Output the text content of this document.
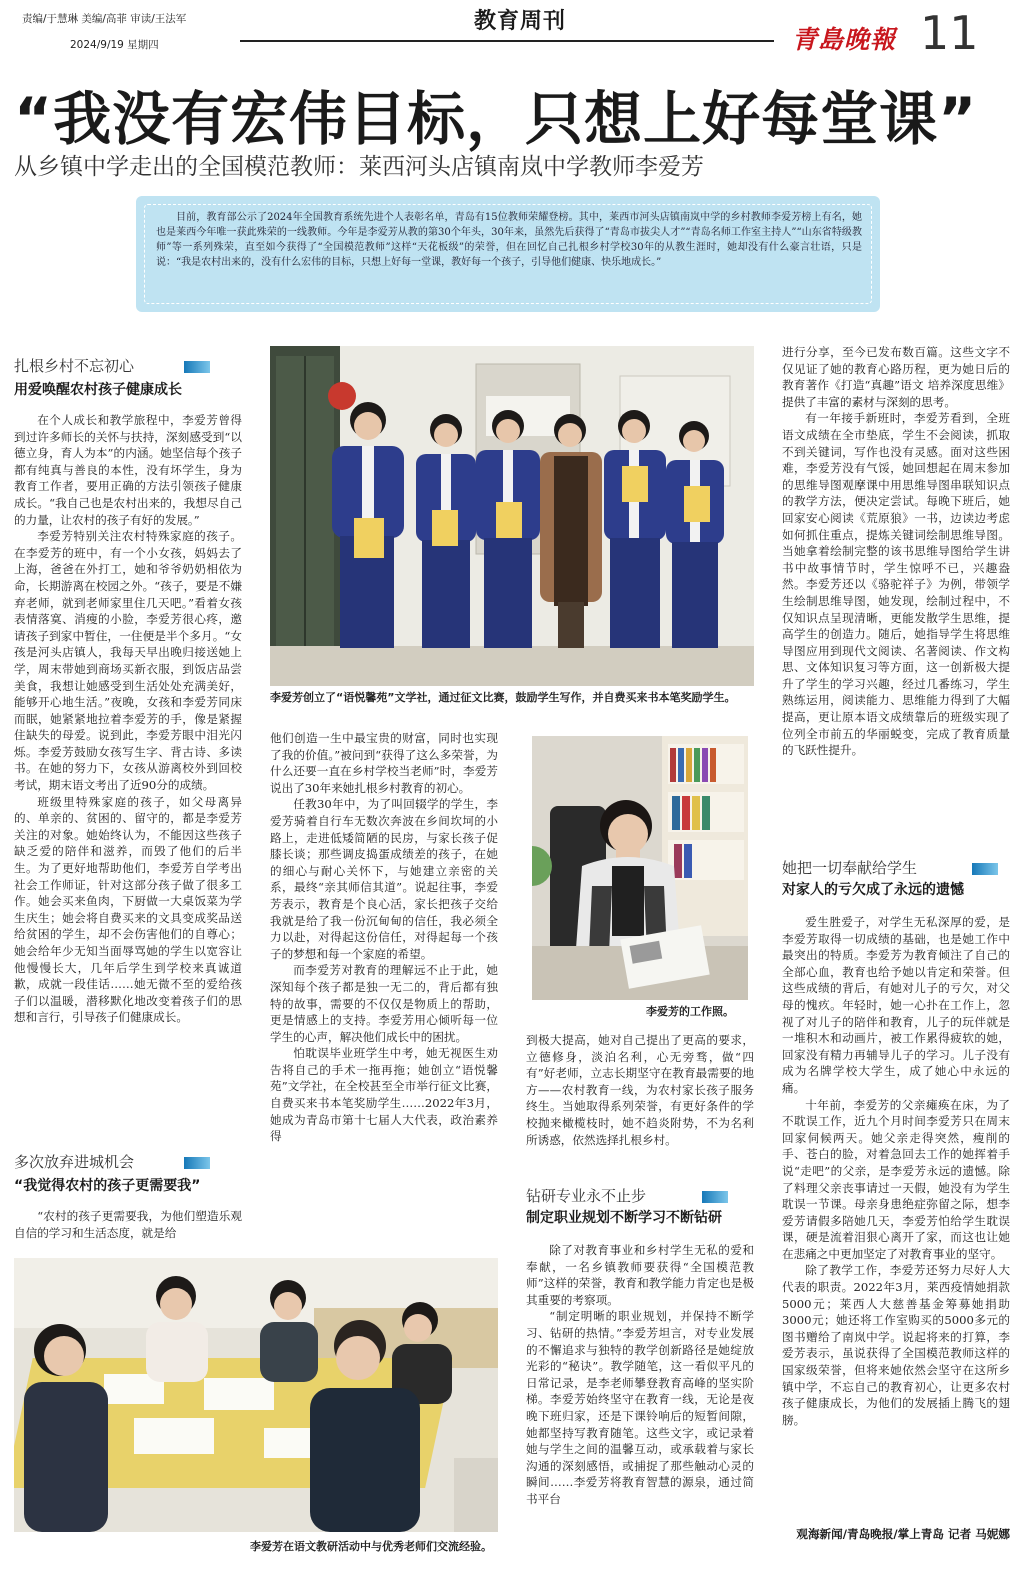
责编/于慧琳 美编/高菲 审读/王法军
2024/9/19 星期四
教育周刊
青島晚報 11
“我没有宏伟目标，只想上好每堂课”
从乡镇中学走出的全国模范教师：莱西河头店镇南岚中学教师李爱芳
目前，教育部公示了2024年全国教育系统先进个人表彰名单，青岛有15位教师荣耀登榜。其中，莱西市河头店镇南岚中学的乡村教师李爱芳榜上有名，她也是莱西今年唯一获此殊荣的一线教师。今年是李爱芳从教的第30个年头，30年来，虽然先后获得了“青岛市拔尖人才”“青岛名师工作室主持人”“山东省特级教师”等一系列殊荣，直至如今获得了“全国模范教师”这样“天花板级”的荣誉，但在回忆自己扎根乡村学校30年的从教生涯时，她却没有什么豪言壮语，只是说：“我是农村出来的，没有什么宏伟的目标，只想上好每一堂课，教好每一个孩子，引导他们健康、快乐地成长。”
扎根乡村不忘初心
用爱唤醒农村孩子健康成长

在个人成长和教学旅程中，李爱芳曾得到过许多师长的关怀与扶持，深刻感受到“以德立身，育人为本”的内涵。她坚信每个孩子都有纯真与善良的本性，没有坏学生，身为教育工作者，要用正确的方法引领孩子健康成长。“我自己也是农村出来的，我想尽自己的力量，让农村的孩子有好的发展。”

李爱芳特别关注农村特殊家庭的孩子。在李爱芳的班中，有一个小女孩，妈妈去了上海，爸爸在外打工，她和爷爷奶奶相依为命，长期游离在校园之外。“孩子，要是不嫌弃老师，就到老师家里住几天吧。”看着女孩表情落寞、消瘦的小脸，李爱芳很心疼，邀请孩子到家中暂住，一住便是半个多月。“女孩是河头店镇人，我每天早出晚归接送她上学，周末带她到商场买新衣服，到饭店品尝美食，我想让她感受到生活处处充满美好，能够开心地生活。”夜晚，女孩和李爱芳同床而眠，她紧紧地拉着李爱芳的手，像是紧握住缺失的母爱。说到此，李爱芳眼中泪光闪烁。李爱芳鼓励女孩写生字、背古诗、多读书。在她的努力下，女孩从游离校外到回校考试，期末语文考出了近90分的成绩。

班级里特殊家庭的孩子，如父母离异的、单亲的、贫困的、留守的，都是李爱芳关注的对象。她始终认为，不能因这些孩子缺乏爱的陪伴和滋养，而毁了他们的后半生。为了更好地帮助他们，李爱芳自学考出社会工作师证，针对这部分孩子做了很多工作。她会买来鱼肉，下厨做一大桌饭菜为学生庆生；她会将自费买来的文具变成奖品送给贫困的学生，却不会伤害他们的自尊心；她会给年少无知当面辱骂她的学生以宽容让他慢慢长大，几年后学生到学校来真诚道歉，成就一段佳话……她无微不至的爱给孩子们以温暖，潜移默化地改变着孩子们的思想和言行，引导孩子们健康成长。

多次放弃进城机会
“我觉得农村的孩子更需要我”

“农村的孩子更需要我，为他们塑造乐观自信的学习和生活态度，就是给

李爱芳创立了“语悦馨苑”文学社，通过征文比赛，鼓励学生写作，并自费买来书本笔奖励学生。

他们创造一生中最宝贵的财富，同时也实现了我的价值。”被问到“获得了这么多荣誉，为什么还要一直在乡村学校当老师”时，李爱芳说出了30年来她扎根乡村教育的初心。

任教30年中，为了叫回辍学的学生，李爱芳骑着自行车无数次奔波在乡间坎坷的小路上，走进低矮简陋的民房，与家长孩子促膝长谈；那些调皮捣蛋成绩差的孩子，在她的细心与耐心关怀下，与她建立亲密的关系，最终“亲其师信其道”。说起往事，李爱芳表示，教育是个良心活，家长把孩子交给我就是给了我一份沉甸甸的信任，我必须全力以赴，对得起这份信任，对得起每一个孩子的梦想和每一个家庭的希望。

而李爱芳对教育的理解远不止于此，她深知每个孩子都是独一无二的，背后都有独特的故事，需要的不仅仅是物质上的帮助，更是情感上的支持。李爱芳用心倾听每一位学生的心声，解决他们成长中的困扰。

怕耽误毕业班学生中考，她无视医生劝告将自己的手术一拖再拖；她创立“语悦馨苑”文学社，在全校甚至全市举行征文比赛，自费买来书本笔奖励学生……2022年3月，她成为青岛市第十七届人大代表，政治素养得

李爱芳的工作照。

到极大提高，她对自己提出了更高的要求，立德修身，淡泊名利，心无旁骛，做“四有”好老师，立志长期坚守在教育最需要的地方——农村教育一线，为农村家长孩子服务终生。当她取得系列荣誉，有更好条件的学校抛来橄榄枝时，她不趋炎附势，不为名利所诱惑，依然选择扎根乡村。

钻研专业永不止步
制定职业规划不断学习不断钻研

除了对教育事业和乡村学生无私的爱和奉献，一名乡镇教师要获得“全国模范教师”这样的荣誉，教育和教学能力肯定也是极其重要的考察项。

“制定明晰的职业规划，并保持不断学习、钻研的热情。”李爱芳坦言，对专业发展的不懈追求与独特的教学创新路径是她绽放光彩的“秘诀”。教学随笔，这一看似平凡的日常记录，是李老师攀登教育高峰的坚实阶梯。李爱芳始终坚守在教育一线，无论是夜晚下班归家，还是下课铃响后的短暂间隙，她都坚持写教育随笔。这些文字，或记录着她与学生之间的温馨互动，或承载着与家长沟通的深刻感悟，或捕捉了那些触动心灵的瞬间……李爱芳将教育智慧的源泉，通过简书平台

李爱芳在语文教研活动中与优秀老师们交流经验。

进行分享，至今已发布数百篇。这些文字不仅见证了她的教育心路历程，更为她日后的教育著作《打造“真趣”语文 培养深度思维》提供了丰富的素材与深刻的思考。

有一年接手新班时，李爱芳看到，全班语文成绩在全市垫底，学生不会阅读，抓取不到关键词，写作也没有灵感。面对这些困难，李爱芳没有气馁，她回想起在周末参加的思维导图观摩课中用思维导图串联知识点的教学方法，便决定尝试。每晚下班后，她回家安心阅读《荒原狼》一书，边读边考虑如何抓住重点，提炼关键词绘制思维导图。当她拿着绘制完整的该书思维导图给学生讲书中故事情节时，学生惊呼不已，兴趣盎然。李爱芳还以《骆驼祥子》为例，带领学生绘制思维导图，她发现，绘制过程中，不仅知识点呈现清晰，更能发散学生思维，提高学生的创造力。随后，她指导学生将思维导图应用到现代文阅读、名著阅读、作文构思、文体知识复习等方面，这一创新极大提升了学生的学习兴趣，经过几番练习，学生熟练运用，阅读能力、思维能力得到了大幅提高，更让原本语文成绩靠后的班级实现了位列全市前五的华丽蜕变，完成了教育质量的飞跃性提升。

她把一切奉献给学生
对家人的亏欠成了永远的遗憾

爱生胜爱子，对学生无私深厚的爱，是李爱芳取得一切成绩的基础，也是她工作中最突出的特质。李爱芳为教育倾注了自己的全部心血，教育也给予她以肯定和荣誉。但这些成绩的背后，有她对儿子的亏欠，对父母的愧疚。年轻时，她一心扑在工作上，忽视了对儿子的陪伴和教育，儿子的玩伴就是一堆积木和动画片，被工作累得疲软的她，回家没有精力再辅导儿子的学习。儿子没有成为名牌学校大学生，成了她心中永远的痛。

十年前，李爱芳的父亲瘫痪在床，为了不耽误工作，近九个月时间李爱芳只在周末回家伺候两天。她父亲走得突然，瘦削的手、苍白的脸，对着急回去工作的她挥着手说“走吧”的父亲，是李爱芳永远的遗憾。除了料理父亲丧事请过一天假，她没有为学生耽误一节课。母亲身患绝症弥留之际，想李爱芳请假多陪她几天，李爱芳怕给学生耽误课，硬是流着泪狠心离开了家，而这也让她在悲痛之中更加坚定了对教育事业的坚守。

除了教学工作，李爱芳还努力尽好人大代表的职责。2022年3月，莱西疫情她捐款5000元；莱西人大慈善基金筹募她捐助3000元；她还将工作室购买的5000多元的图书赠给了南岚中学。说起将来的打算，李爱芳表示，虽说获得了全国模范教师这样的国家级荣誉，但将来她依然会坚守在这所乡镇中学，不忘自己的教育初心，让更多农村孩子健康成长，为他们的发展插上腾飞的翅膀。

观海新闻/青岛晚报/掌上青岛 记者 马妮娜
